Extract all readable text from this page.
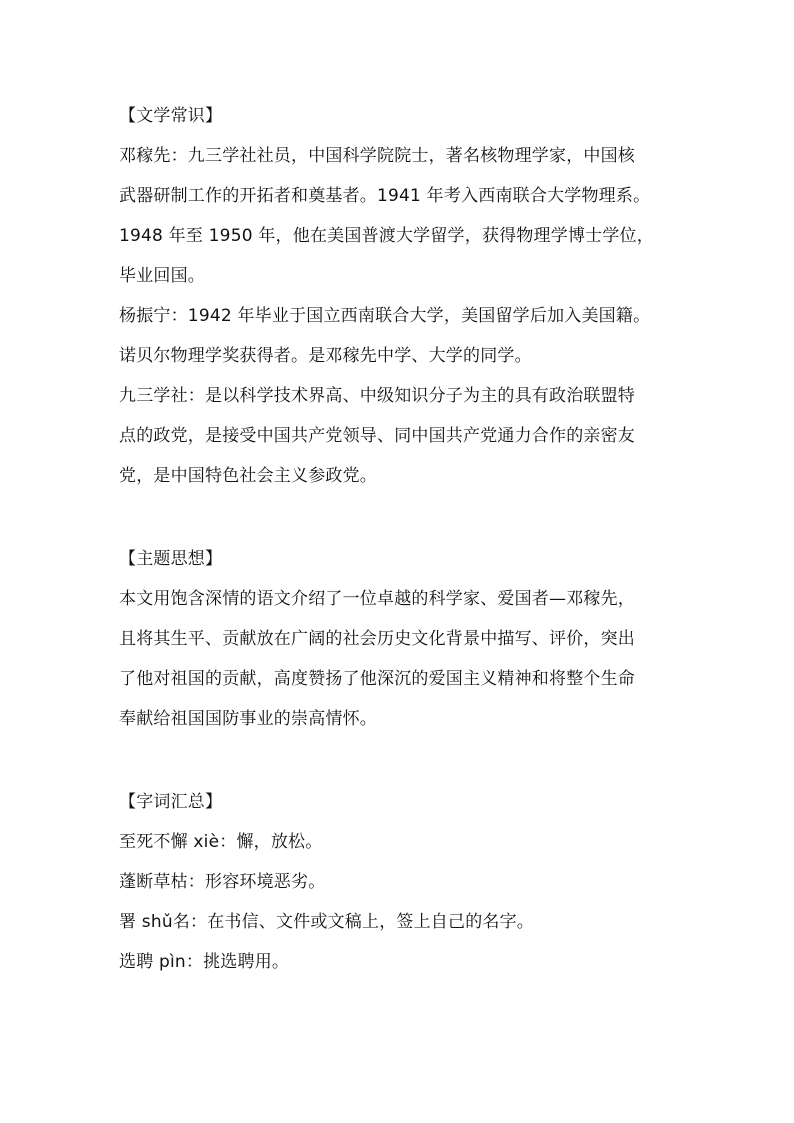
【文学常识】
邓稼先：九三学社社员，中国科学院院士，著名核物理学家，中国核
武器研制工作的开拓者和奠基者。1941 年考入西南联合大学物理系。
1948 年至 1950 年，他在美国普渡大学留学，获得物理学博士学位，
毕业回国。
杨振宁：1942 年毕业于国立西南联合大学，美国留学后加入美国籍。
诺贝尔物理学奖获得者。是邓稼先中学、大学的同学。
九三学社：是以科学技术界高、中级知识分子为主的具有政治联盟特
点的政党，是接受中国共产党领导、同中国共产党通力合作的亲密友
党，是中国特色社会主义参政党。
【主题思想】
本文用饱含深情的语文介绍了一位卓越的科学家、爱国者—邓稼先，
且将其生平、贡献放在广阔的社会历史文化背景中描写、评价，突出
了他对祖国的贡献，高度赞扬了他深沉的爱国主义精神和将整个生命
奉献给祖国国防事业的崇高情怀。
【字词汇总】
至死不懈 xiè：懈，放松。
蓬断草枯：形容环境恶劣。
署 shǔ名：在书信、文件或文稿上，签上自己的名字。
选聘 pìn：挑选聘用。
